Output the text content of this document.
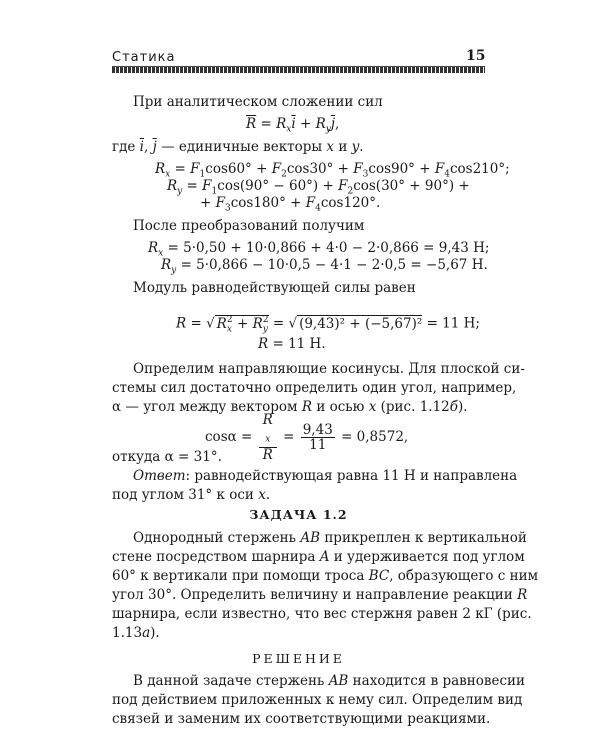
Статика	15
При аналитическом сложении сил
$\overline{R} = R_x\overline{i} + R_y\overline{j}$,
где $\overline{i}$, $\overline{j}$ — единичные векторы x и y.
$R_x = F_1\cos 60^\circ + F_2\cos 30^\circ + F_3\cos 90^\circ + F_4\cos 210^\circ$;
$R_y = F_1\cos(90^\circ - 60^\circ) + F_2\cos(30^\circ + 90^\circ)$ +
+ $F_3\cos 180^\circ + F_4\cos 120^\circ$.
После преобразований получим
$R_x = 5\cdot 0,50 + 10\cdot 0,866 + 4\cdot 0 - 2\cdot 0,866 = 9,43$ Н;
$R_y = 5\cdot 0,866 - 10\cdot 0,5 - 4\cdot 1 - 2\cdot 0,5 = -5,67$ Н.
Модуль равнодействующей силы равен
R = √ $R_x^2 + R_y^2$ = √ (9,43)² + (−5,67)² = 11 Н;
R = 11 Н.
Определим направляющие косинусы. Для плоской си-
стемы сил достаточно определить один угол, например,
α — угол между вектором R и осью x (рис. 1.12б).
cosα = R
$_x$
$R = \frac{9,43}{11} = 0,8572$,
откуда α = 31°.
Ответ: равнодействующая равна 11 Н и направлена
под углом 31° к оси x.
ЗАДАЧА 1.2
Однородный стержень AB прикреплен к вертикальной
стене посредством шарнира A и удерживается под углом
60° к вертикали при помощи троса BC, образующего с ним
угол 30°. Определить величину и направление реакции R
шарнира, если известно, что вес стержня равен 2 кГ (рис.
1.13а).
РЕШЕНИЕ
В данной задаче стержень AB находится в равновесии
под действием приложенных к нему сил. Определим вид
связей и заменим их соответствующими реакциями.
